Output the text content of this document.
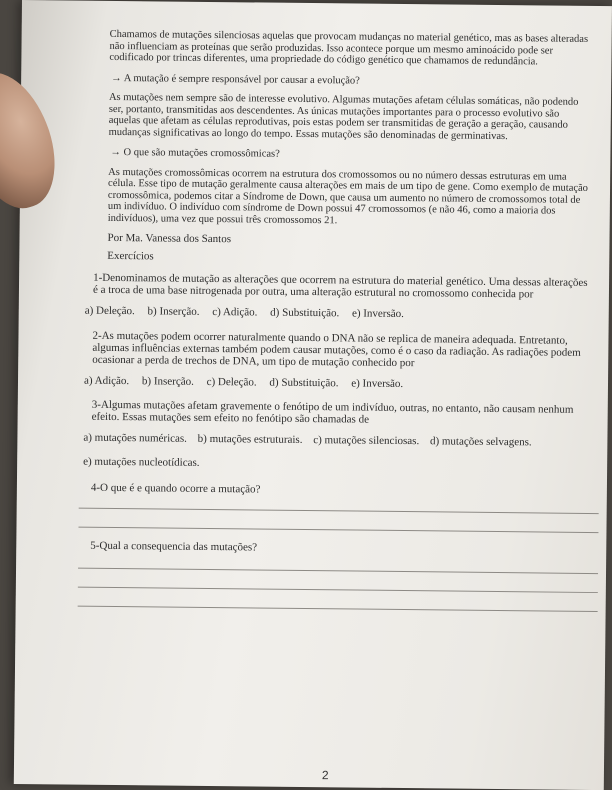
Chamamos de mutações silenciosas aquelas que provocam mudanças no material genético, mas as bases alteradas não influenciam as proteínas que serão produzidas. Isso acontece porque um mesmo aminoácido pode ser codificado por trincas diferentes, uma propriedade do código genético que chamamos de redundância.

→ A mutação é sempre responsável por causar a evolução?

As mutações nem sempre são de interesse evolutivo. Algumas mutações afetam células somáticas, não podendo ser, portanto, transmitidas aos descendentes. As únicas mutações importantes para o processo evolutivo são aquelas que afetam as células reprodutivas, pois estas podem ser transmitidas de geração a geração, causando mudanças significativas ao longo do tempo. Essas mutações são denominadas de germinativas.

→ O que são mutações cromossômicas?

As mutações cromossômicas ocorrem na estrutura dos cromossomos ou no número dessas estruturas em uma célula. Esse tipo de mutação geralmente causa alterações em mais de um tipo de gene. Como exemplo de mutação cromossômica, podemos citar a Síndrome de Down, que causa um aumento no número de cromossomos total de um indivíduo. O indivíduo com síndrome de Down possui 47 cromossomos (e não 46, como a maioria dos indivíduos), uma vez que possui três cromossomos 21.

Por Ma. Vanessa dos Santos

Exercícios

1-Denominamos de mutação as alterações que ocorrem na estrutura do material genético. Uma dessas alterações é a troca de uma base nitrogenada por outra, uma alteração estrutural no cromossomo conhecida por

a) Deleção. b) Inserção. c) Adição. d) Substituição. e) Inversão.

2-As mutações podem ocorrer naturalmente quando o DNA não se replica de maneira adequada. Entretanto, algumas influências externas também podem causar mutações, como é o caso da radiação. As radiações podem ocasionar a perda de trechos de DNA, um tipo de mutação conhecido por

a) Adição. b) Inserção. c) Deleção. d) Substituição. e) Inversão.

3-Algumas mutações afetam gravemente o fenótipo de um indivíduo, outras, no entanto, não causam nenhum efeito. Essas mutações sem efeito no fenótipo são chamadas de

a) mutações numéricas. b) mutações estruturais. c) mutações silenciosas. d) mutações selvagens.

e) mutações nucleotídicas.

4-O que é e quando ocorre a mutação?

5-Qual a consequencia das mutações?

2
